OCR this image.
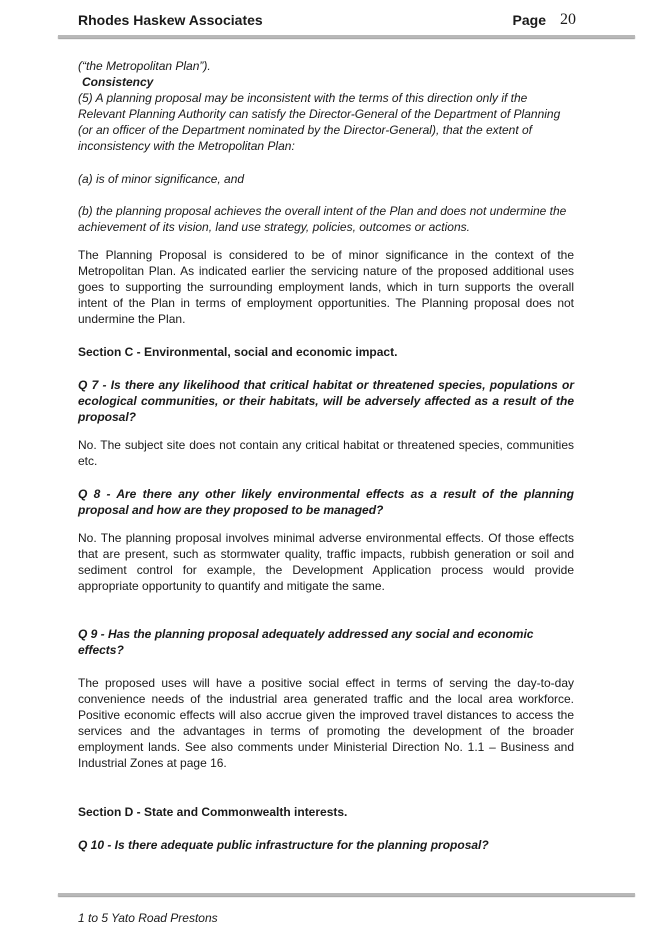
Rhodes Haskew Associates	Page 20

(“the Metropolitan Plan”).

Consistency

(5) A planning proposal may be inconsistent with the terms of this direction only if the Relevant Planning Authority can satisfy the Director-General of the Department of Planning (or an officer of the Department nominated by the Director-General), that the extent of inconsistency with the Metropolitan Plan:

(a) is of minor significance, and

(b) the planning proposal achieves the overall intent of the Plan and does not undermine the achievement of its vision, land use strategy, policies, outcomes or actions.

The Planning Proposal is considered to be of minor significance in the context of the Metropolitan Plan. As indicated earlier the servicing nature of the proposed additional uses goes to supporting the surrounding employment lands, which in turn supports the overall intent of the Plan in terms of employment opportunities. The Planning proposal does not undermine the Plan.

Section C - Environmental, social and economic impact.

Q 7 - Is there any likelihood that critical habitat or threatened species, populations or ecological communities, or their habitats, will be adversely affected as a result of the proposal?

No. The subject site does not contain any critical habitat or threatened species, communities etc.

Q 8 - Are there any other likely environmental effects as a result of the planning proposal and how are they proposed to be managed?

No. The planning proposal involves minimal adverse environmental effects. Of those effects that are present, such as stormwater quality, traffic impacts, rubbish generation or soil and sediment control for example, the Development Application process would provide appropriate opportunity to quantify and mitigate the same.

Q 9 - Has the planning proposal adequately addressed any social and economic effects?

The proposed uses will have a positive social effect in terms of serving the day-to-day convenience needs of the industrial area generated traffic and the local area workforce. Positive economic effects will also accrue given the improved travel distances to access the services and the advantages in terms of promoting the development of the broader employment lands. See also comments under Ministerial Direction No. 1.1 – Business and Industrial Zones at page 16.

Section D - State and Commonwealth interests.

Q 10 - Is there adequate public infrastructure for the planning proposal?

1 to 5 Yato Road Prestons
